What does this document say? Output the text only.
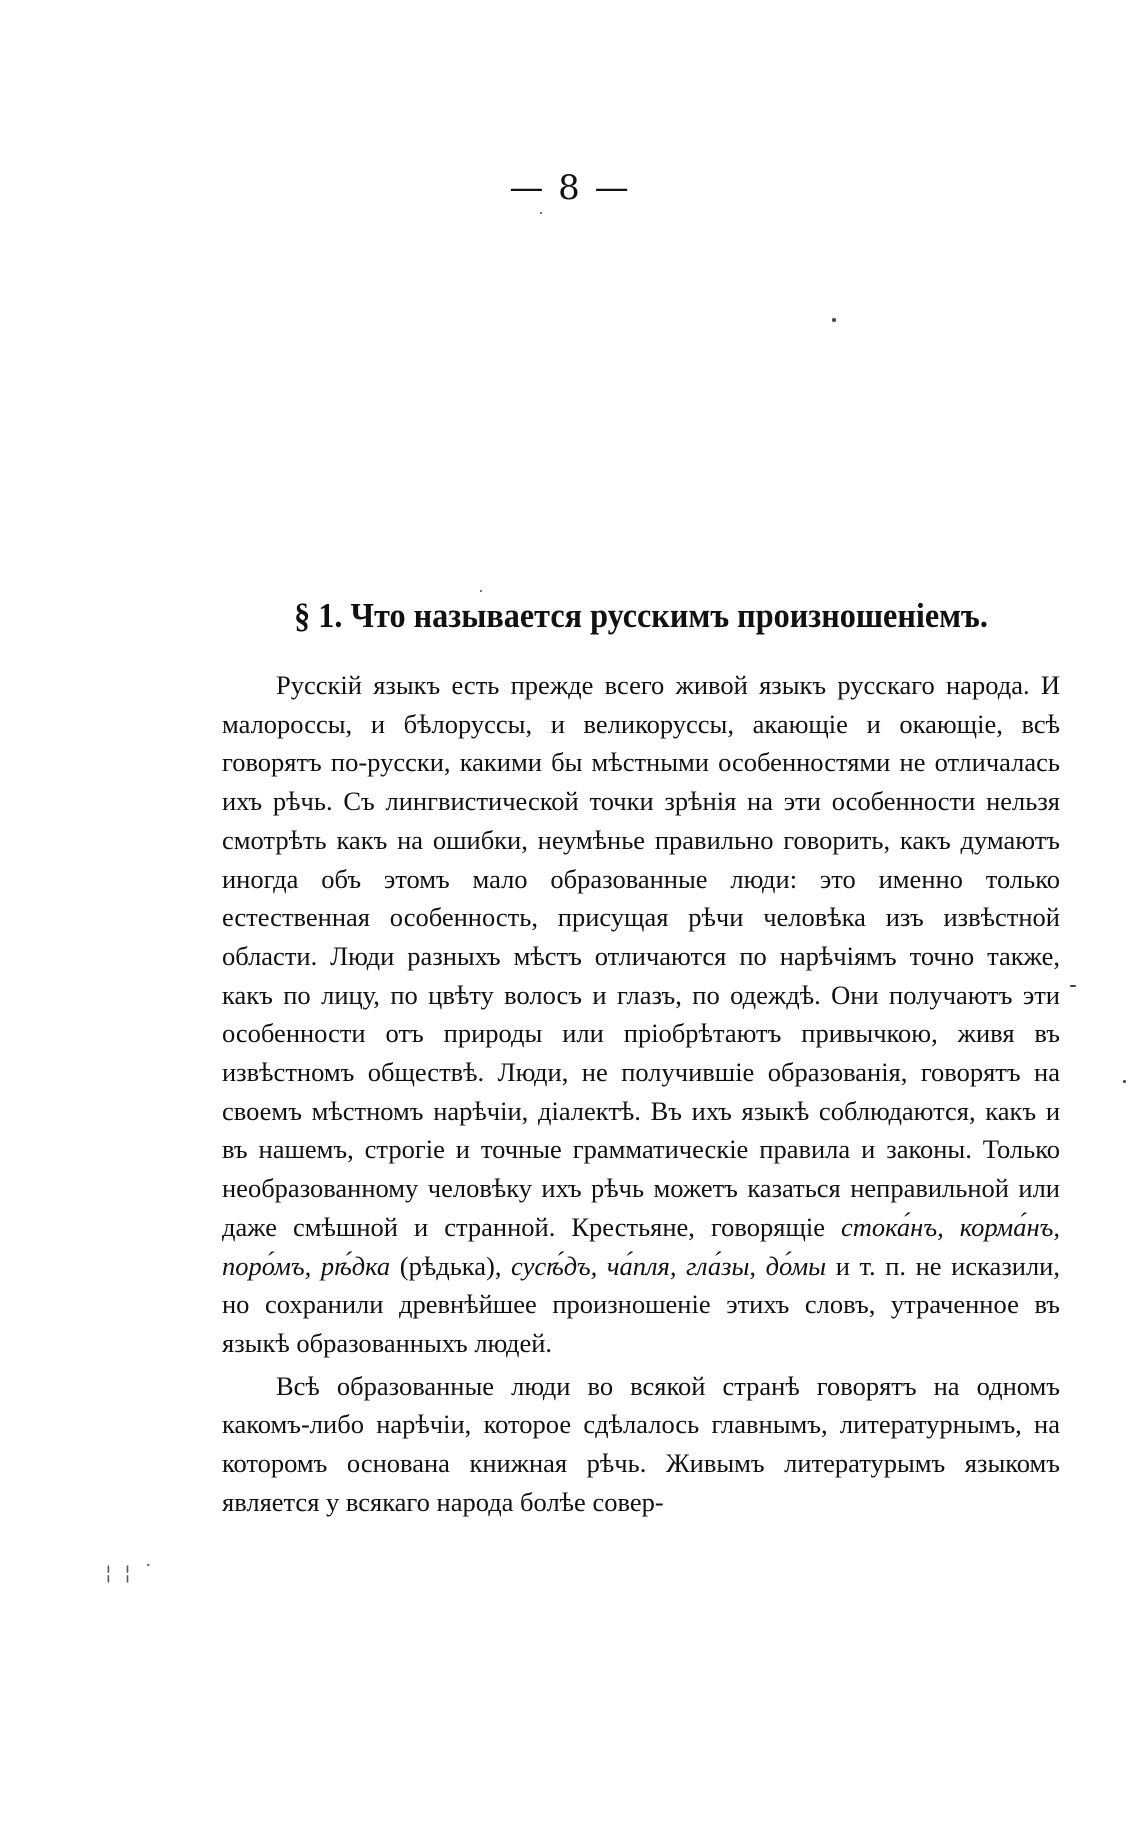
— 8 —
§ 1. Что называется русскимъ произношеніемъ.

Русскій языкъ есть прежде всего живой языкъ русскаго народа. И малороссы, и бѣлоруссы, и великоруссы, акающіе и окающіе, всѣ говорятъ по-русски, какими бы мѣстными особенностями не отличалась ихъ рѣчь. Съ лингвистической точки зрѣнія на эти особенности нельзя смотрѣть какъ на ошибки, неумѣнье правильно говорить, какъ думаютъ иногда объ этомъ мало образованные люди: это именно только естественная особенность, присущая рѣчи человѣка изъ извѣстной области. Люди разныхъ мѣстъ отличаются по нарѣчіямъ точно также, какъ по лицу, по цвѣту волосъ и глазъ, по одеждѣ. Они получаютъ эти особенности отъ природы или пріобрѣтаютъ привычкою, живя въ извѣстномъ обществѣ. Люди, не получившіе образованія, говорятъ на своемъ мѣстномъ нарѣчіи, діалектѣ. Въ ихъ языкѣ соблюдаются, какъ и въ нашемъ, строгіе и точные грамматическіе правила и законы. Только необразованному человѣку ихъ рѣчь можетъ казаться неправильной или даже смѣшной и странной. Крестьяне, говорящіе стока́нъ, корма́нъ, поро́мъ, рѣ́дка (рѣдька), сусѣ́дъ, ча́пля, гла́зы, до́мы и т. п. не исказили, но сохранили древнѣйшее произношеніе этихъ словъ, утраченное въ языкѣ образованныхъ людей.

Всѣ образованные люди во всякой странѣ говорятъ на одномъ какомъ-либо нарѣчіи, которое сдѣлалось главнымъ, литературнымъ, на которомъ основана книжная рѣчь. Живымъ литературымъ языкомъ является у всякаго народа болѣе совер-

¦ ¦ ˙
